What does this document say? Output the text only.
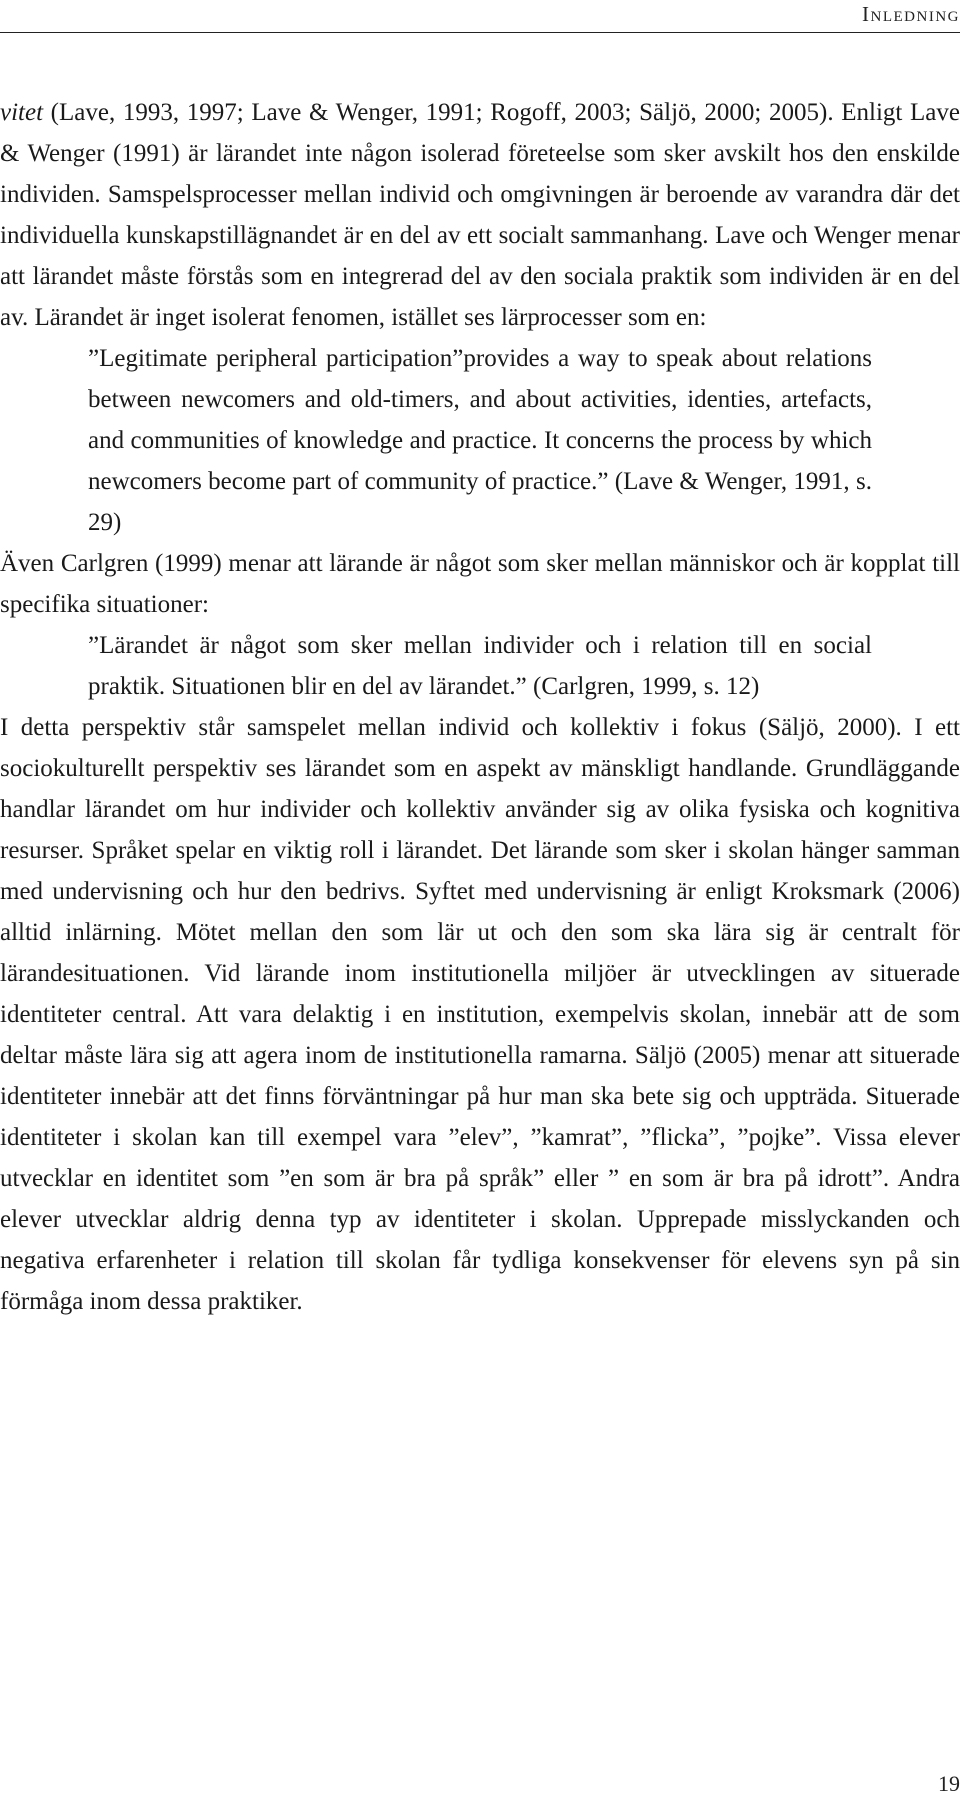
Inledning

vitet (Lave, 1993, 1997; Lave & Wenger, 1991; Rogoff, 2003; Säljö, 2000; 2005). Enligt Lave & Wenger (1991) är lärandet inte någon isolerad företeelse som sker avskilt hos den enskilde individen. Samspelsprocesser mellan individ och omgivningen är beroende av varandra där det individuella kunskapstillägnandet är en del av ett socialt sammanhang. Lave och Wenger menar att lärandet måste förstås som en integrerad del av den sociala praktik som individen är en del av. Lärandet är inget isolerat fenomen, istället ses lärprocesser som en:

”Legitimate peripheral participation”provides a way to speak about relations between newcomers and old-timers, and about activities, identies, artefacts, and communities of knowledge and practice. It concerns the process by which newcomers become part of community of practice.” (Lave & Wenger, 1991, s. 29)

Även Carlgren (1999) menar att lärande är något som sker mellan människor och är kopplat till specifika situationer:

”Lärandet är något som sker mellan individer och i relation till en social praktik. Situationen blir en del av lärandet.” (Carlgren, 1999, s. 12)

I detta perspektiv står samspelet mellan individ och kollektiv i fokus (Säljö, 2000). I ett sociokulturellt perspektiv ses lärandet som en aspekt av mänskligt handlande. Grundläggande handlar lärandet om hur individer och kollektiv använder sig av olika fysiska och kognitiva resurser. Språket spelar en viktig roll i lärandet. Det lärande som sker i skolan hänger samman med undervisning och hur den bedrivs. Syftet med undervisning är enligt Kroksmark (2006) alltid inlärning. Mötet mellan den som lär ut och den som ska lära sig är centralt för lärandesituationen. Vid lärande inom institutionella miljöer är utvecklingen av situerade identiteter central. Att vara delaktig i en institution, exempelvis skolan, innebär att de som deltar måste lära sig att agera inom de institutionella ramarna. Säljö (2005) menar att situerade identiteter innebär att det finns förväntningar på hur man ska bete sig och uppträda. Situerade identiteter i skolan kan till exempel vara ”elev”, ”kamrat”, ”flicka”, ”pojke”. Vissa elever utvecklar en identitet som ”en som är bra på språk” eller ” en som är bra på idrott”. Andra elever utvecklar aldrig denna typ av identiteter i skolan. Upprepade misslyckanden och negativa erfarenheter i relation till skolan får tydliga konsekvenser för elevens syn på sin förmåga inom dessa praktiker.

19
